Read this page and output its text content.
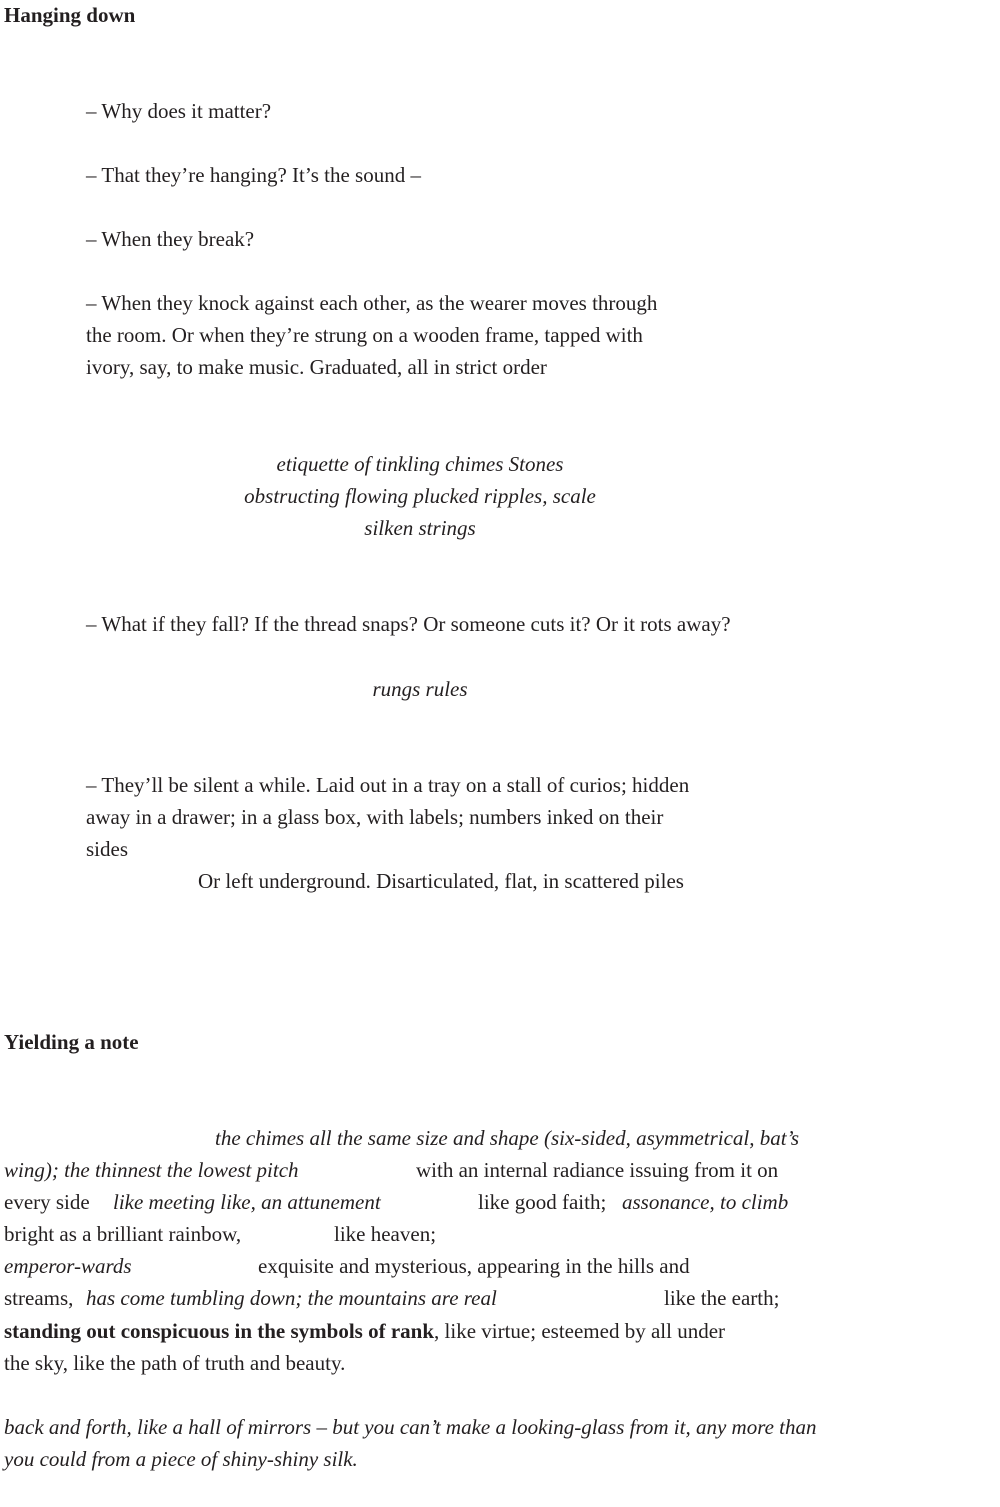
Hanging down
– Why does it matter?
– That they’re hanging? It’s the sound –
– When they break?
– When they knock against each other, as the wearer moves through
the room. Or when they’re strung on a wooden frame, tapped with
ivory, say, to make music. Graduated, all in strict order
etiquette of tinkling chimes Stones
obstructing flowing plucked ripples, scale
silken strings
– What if they fall? If the thread snaps? Or someone cuts it? Or it rots away?
rungs rules
– They’ll be silent a while. Laid out in a tray on a stall of curios; hidden
away in a drawer; in a glass box, with labels; numbers inked on their
sides
Or left underground. Disarticulated, flat, in scattered piles
Yielding a note
the chimes all the same size and shape (six-sided, asymmetrical, bat’s
wing); the thinnest the lowest pitch	with an internal radiance issuing from it on
every side like meeting like, an attunement	like good faith; assonance, to climb
bright as a brilliant rainbow,	like heaven;
emperor-wards	exquisite and mysterious, appearing in the hills and
streams, has come tumbling down; the mountains are real	like the earth;
standing out conspicuous in the symbols of rank, like virtue; esteemed by all under
the sky, like the path of truth and beauty.
back and forth, like a hall of mirrors – but you can’t make a looking-glass from it, any more than
you could from a piece of shiny-shiny silk.
